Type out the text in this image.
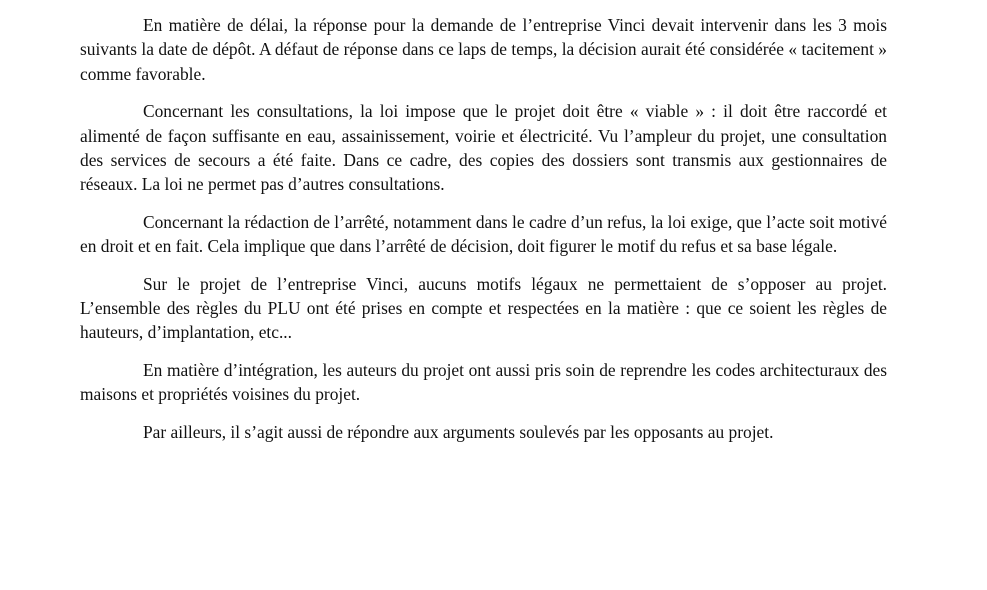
En matière de délai, la réponse pour la demande de l’entreprise Vinci devait intervenir dans les 3 mois suivants la date de dépôt. A défaut de réponse dans ce laps de temps, la décision aurait été considérée « tacitement » comme favorable.

Concernant les consultations, la loi impose que le projet doit être « viable » : il doit être raccordé et alimenté de façon suffisante en eau, assainissement, voirie et électricité. Vu l’ampleur du projet, une consultation des services de secours a été faite. Dans ce cadre, des copies des dossiers sont transmis aux gestionnaires de réseaux. La loi ne permet pas d’autres consultations.

Concernant la rédaction de l’arrêté, notamment dans le cadre d’un refus, la loi exige, que l’acte soit motivé en droit et en fait. Cela implique que dans l’arrêté de décision, doit figurer le motif du refus et sa base légale.

Sur le projet de l’entreprise Vinci, aucuns motifs légaux ne permettaient de s’opposer au projet. L’ensemble des règles du PLU ont été prises en compte et respectées en la matière : que ce soient les règles de hauteurs, d’implantation, etc...

En matière d’intégration, les auteurs du projet ont aussi pris soin de reprendre les codes architecturaux des maisons et propriétés voisines du projet.

Par ailleurs, il s’agit aussi de répondre aux arguments soulevés par les opposants au projet.
